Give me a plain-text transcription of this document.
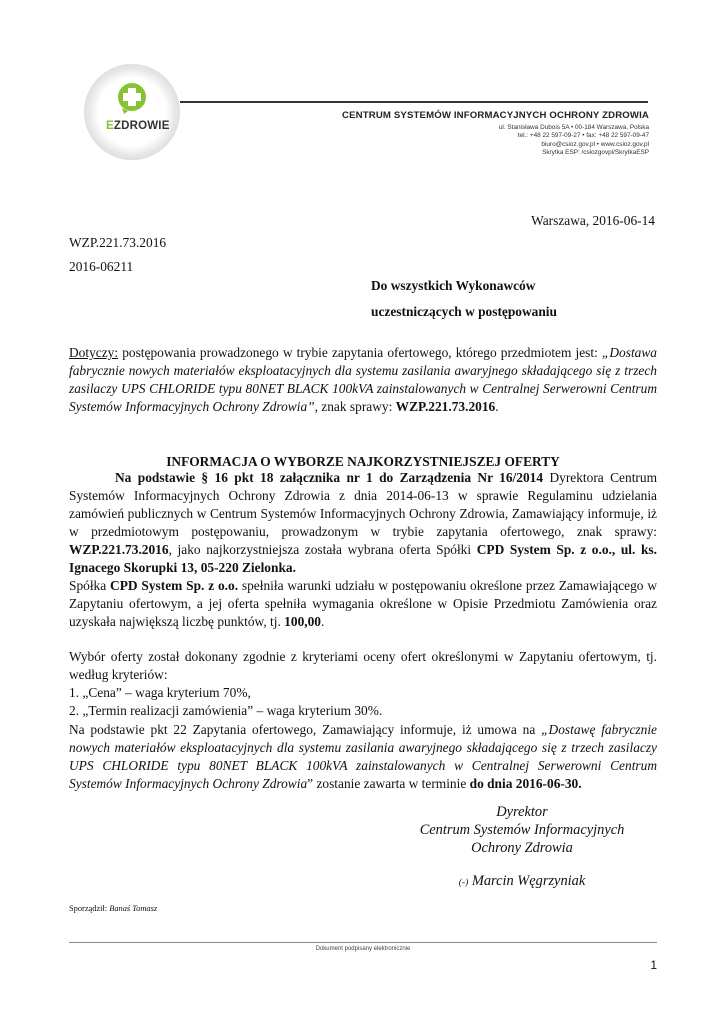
EZDROWIE
CENTRUM SYSTEMÓW INFORMACYJNYCH OCHRONY ZDROWIA
ul. Stanisława Dubois 5A • 00-184 Warszawa, Polska
tel.: +48 22 597-09-27 • fax: +48 22 597-09-47
biuro@csioz.gov.pl • www.csioz.gov.pl
Skrytka ESP: /csiozgovpl/SkrytkaESP
Warszawa, 2016-06-14
WZP.221.73.2016
2016-06211
Do wszystkich Wykonawców
uczestniczących w postępowaniu
Dotyczy: postępowania prowadzonego w trybie zapytania ofertowego, którego przedmiotem jest: „Dostawa fabrycznie nowych materiałów eksploatacyjnych dla systemu zasilania awaryjnego składającego się z trzech zasilaczy UPS CHLORIDE typu 80NET BLACK 100kVA zainstalowanych w Centralnej Serwerowni Centrum Systemów Informacyjnych Ochrony Zdrowia”, znak sprawy: WZP.221.73.2016.
INFORMACJA O WYBORZE NAJKORZYSTNIEJSZEJ OFERTY
Na podstawie § 16 pkt 18 załącznika nr 1 do Zarządzenia Nr 16/2014 Dyrektora Centrum Systemów Informacyjnych Ochrony Zdrowia z dnia 2014-06-13 w sprawie Regulaminu udzielania zamówień publicznych w Centrum Systemów Informacyjnych Ochrony Zdrowia, Zamawiający informuje, iż w przedmiotowym postępowaniu, prowadzonym w trybie zapytania ofertowego, znak sprawy: WZP.221.73.2016, jako najkorzystniejsza została wybrana oferta Spółki CPD System Sp. z o.o., ul. ks. Ignacego Skorupki 13, 05-220 Zielonka.
Spółka CPD System Sp. z o.o. spełniła warunki udziału w postępowaniu określone przez Zamawiającego w Zapytaniu ofertowym, a jej oferta spełniła wymagania określone w Opisie Przedmiotu Zamówienia oraz uzyskała największą liczbę punktów, tj. 100,00.
Wybór oferty został dokonany zgodnie z kryteriami oceny ofert określonymi w Zapytaniu ofertowym, tj. według kryteriów:
1. „Cena” – waga kryterium 70%,
2. „Termin realizacji zamówienia” – waga kryterium 30%.
Na podstawie pkt 22 Zapytania ofertowego, Zamawiający informuje, iż umowa na „Dostawę fabrycznie nowych materiałów eksploatacyjnych dla systemu zasilania awaryjnego składającego się z trzech zasilaczy UPS CHLORIDE typu 80NET BLACK 100kVA zainstalowanych w Centralnej Serwerowni Centrum Systemów Informacyjnych Ochrony Zdrowia” zostanie zawarta w terminie do dnia 2016-06-30.
Dyrektor
Centrum Systemów Informacyjnych
Ochrony Zdrowia
(-) Marcin Węgrzyniak
Sporządził: Banaś Tomasz
Dokument podpisany elektronicznie
1
